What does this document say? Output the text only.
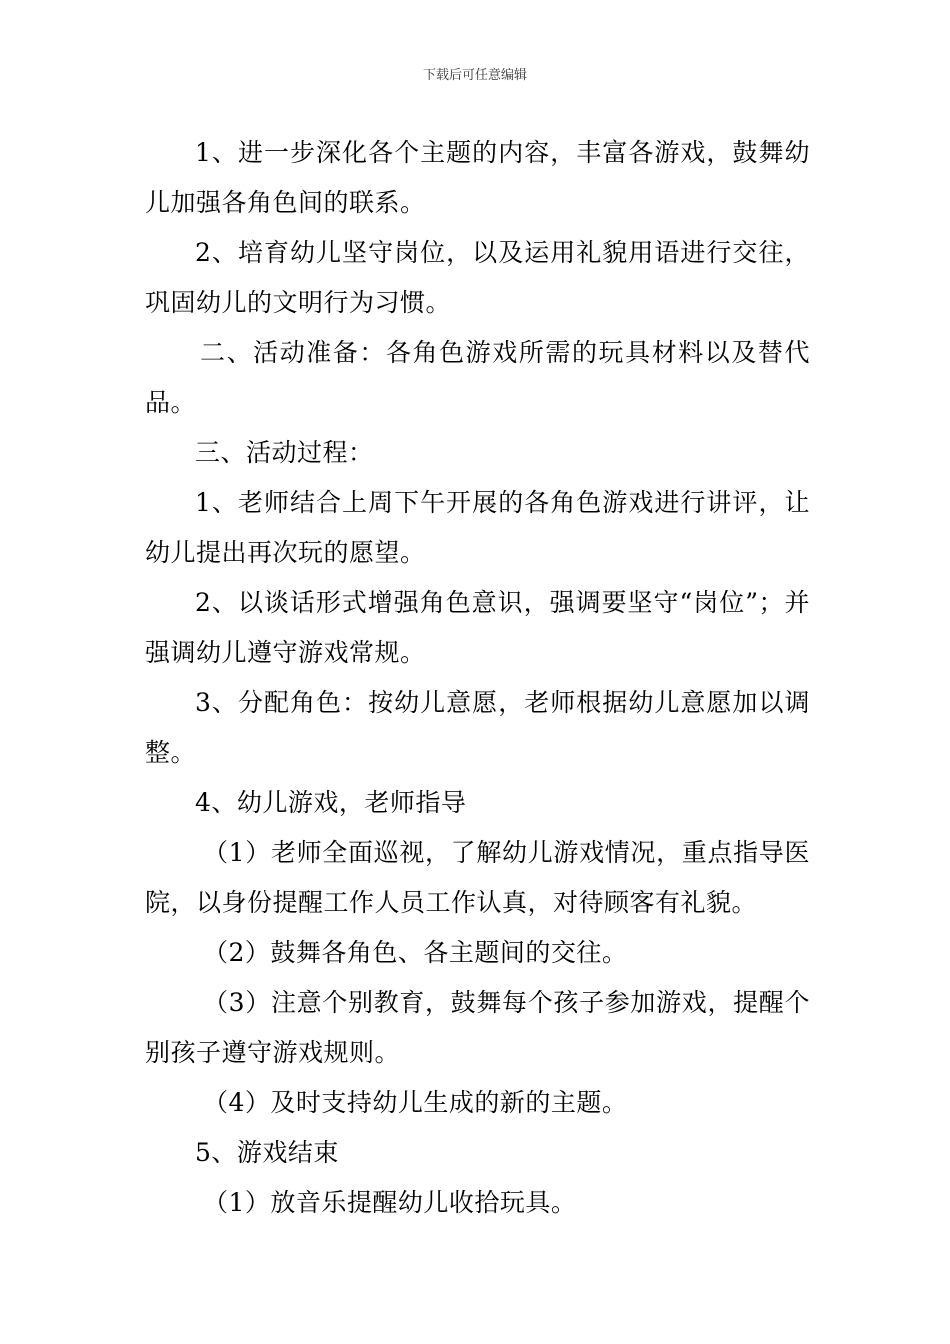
下载后可任意编辑

1、进一步深化各个主题的内容，丰富各游戏，鼓舞幼儿加强各角色间的联系。

2、培育幼儿坚守岗位，以及运用礼貌用语进行交往，巩固幼儿的文明行为习惯。

二、活动准备：各角色游戏所需的玩具材料以及替代品。

三、活动过程：

1、老师结合上周下午开展的各角色游戏进行讲评，让幼儿提出再次玩的愿望。

2、以谈话形式增强角色意识，强调要坚守“岗位”；并强调幼儿遵守游戏常规。

3、分配角色：按幼儿意愿，老师根据幼儿意愿加以调整。

4、幼儿游戏，老师指导

（1）老师全面巡视，了解幼儿游戏情况，重点指导医院，以身份提醒工作人员工作认真，对待顾客有礼貌。

（2）鼓舞各角色、各主题间的交往。

（3）注意个别教育，鼓舞每个孩子参加游戏，提醒个别孩子遵守游戏规则。

（4）及时支持幼儿生成的新的主题。

5、游戏结束

（1）放音乐提醒幼儿收拾玩具。
